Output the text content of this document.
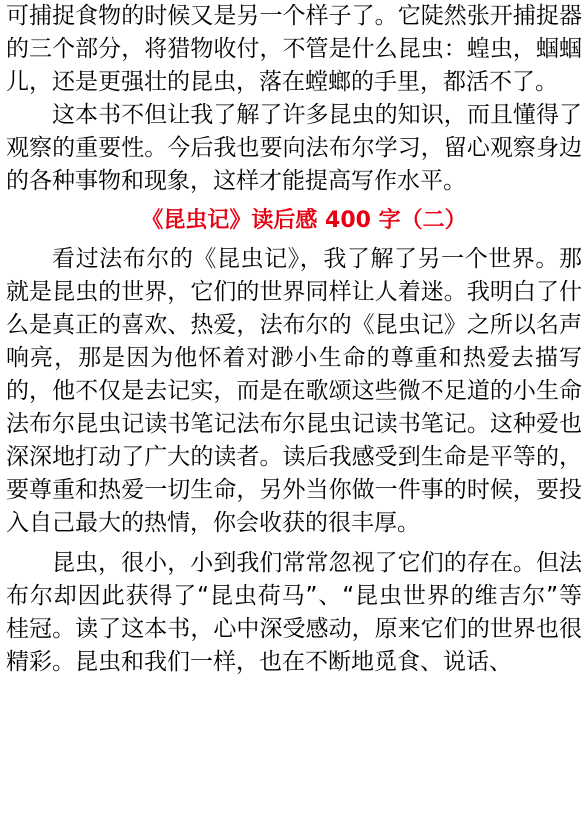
可捕捉食物的时候又是另一个样子了。它陡然张开捕捉器的三个部分，将猎物收付，不管是什么昆虫：蝗虫，蝈蝈儿，还是更强壮的昆虫，落在螳螂的手里，都活不了。

这本书不但让我了解了许多昆虫的知识，而且懂得了观察的重要性。今后我也要向法布尔学习，留心观察身边的各种事物和现象，这样才能提高写作水平。

《昆虫记》读后感 400 字（二）

看过法布尔的《昆虫记》，我了解了另一个世界。那就是昆虫的世界，它们的世界同样让人着迷。我明白了什么是真正的喜欢、热爱，法布尔的《昆虫记》之所以名声响亮，那是因为他怀着对渺小生命的尊重和热爱去描写的，他不仅是去记实，而是在歌颂这些微不足道的小生命法布尔昆虫记读书笔记法布尔昆虫记读书笔记。这种爱也深深地打动了广大的读者。读后我感受到生命是平等的，要尊重和热爱一切生命，另外当你做一件事的时候，要投入自己最大的热情，你会收获的很丰厚。

昆虫，很小，小到我们常常忽视了它们的存在。但法布尔却因此获得了“昆虫荷马”、“昆虫世界的维吉尔”等桂冠。读了这本书，心中深受感动，原来它们的世界也很精彩。昆虫和我们一样，也在不断地觅食、说话、
